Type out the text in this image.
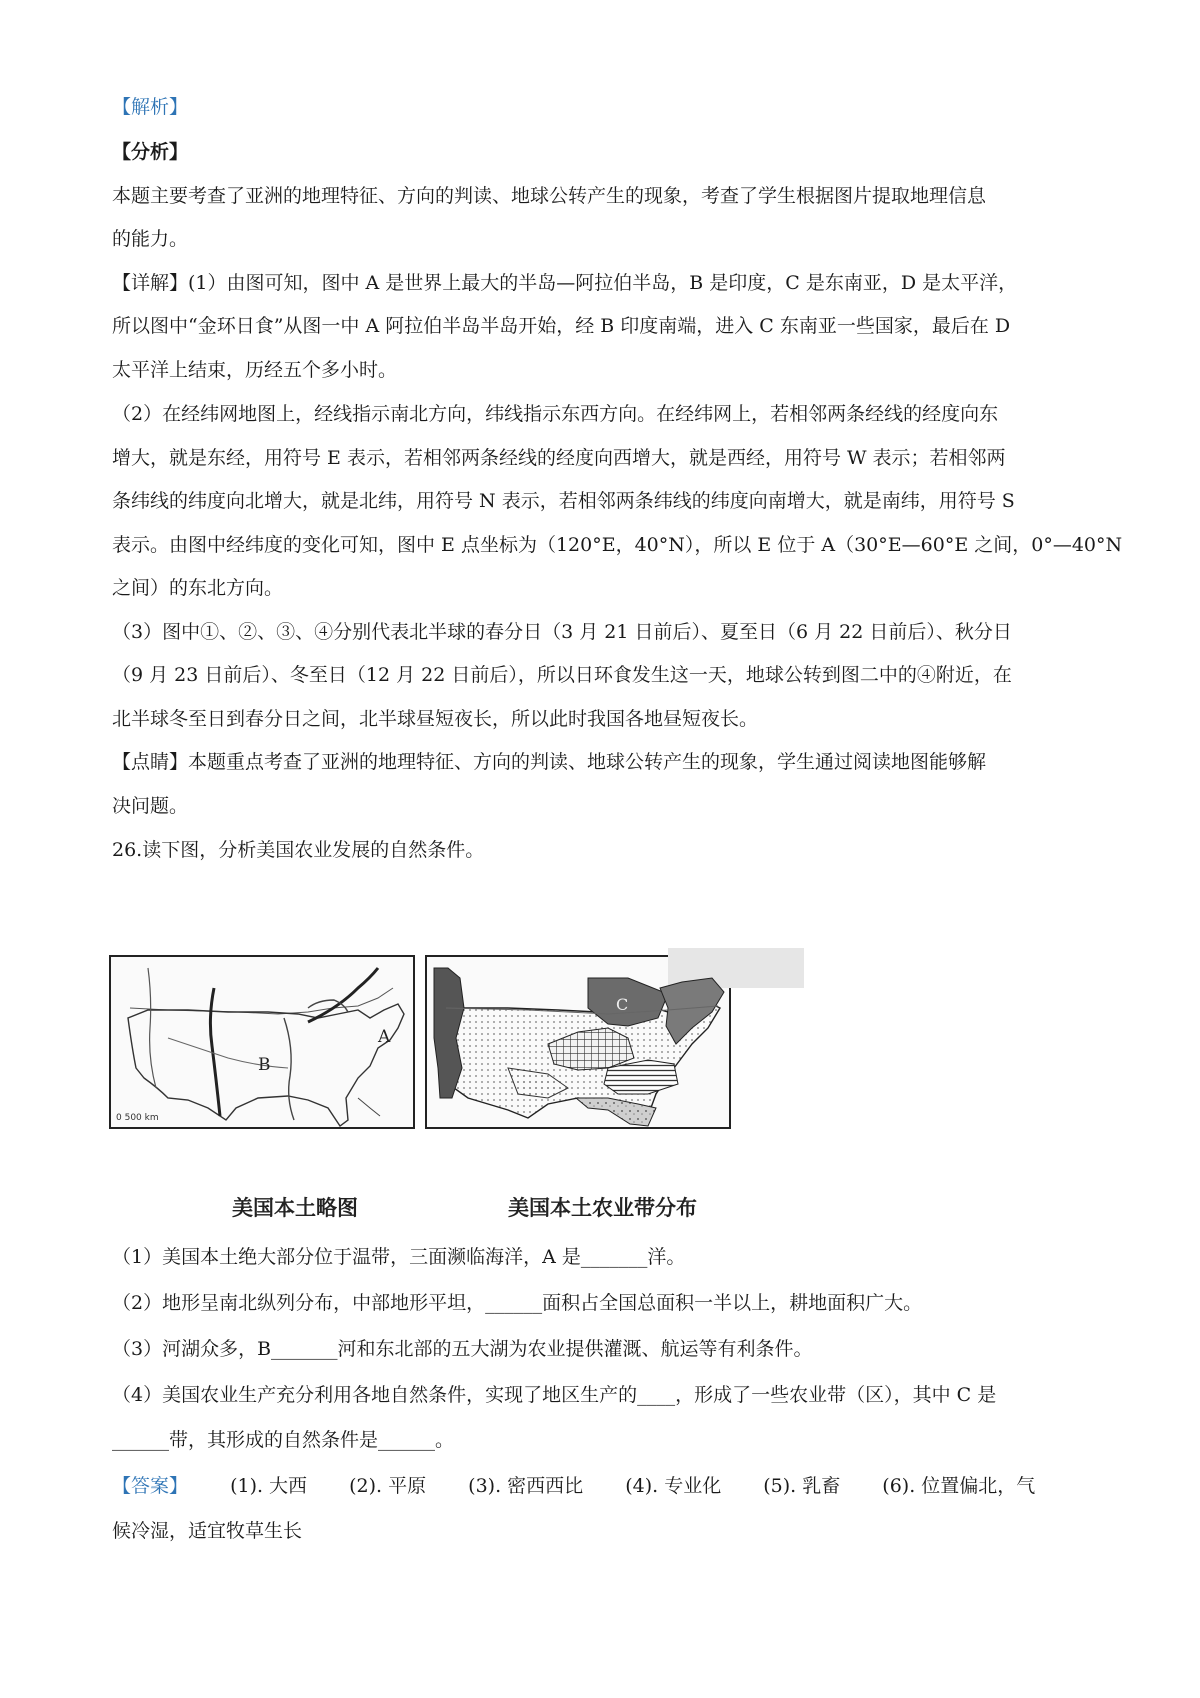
【解析】
【分析】
本题主要考查了亚洲的地理特征、方向的判读、地球公转产生的现象，考查了学生根据图片提取地理信息
的能力。
【详解】(1）由图可知，图中 A 是世界上最大的半岛—阿拉伯半岛，B 是印度，C 是东南亚，D 是太平洋，
所以图中“金环日食”从图一中 A 阿拉伯半岛半岛开始，经 B 印度南端，进入 C 东南亚一些国家，最后在 D
太平洋上结束，历经五个多小时。
（2）在经纬网地图上，经线指示南北方向，纬线指示东西方向。在经纬网上，若相邻两条经线的经度向东
增大，就是东经，用符号 E 表示，若相邻两条经线的经度向西增大，就是西经，用符号 W 表示；若相邻两
条纬线的纬度向北增大，就是北纬，用符号 N 表示，若相邻两条纬线的纬度向南增大，就是南纬，用符号 S
表示。由图中经纬度的变化可知，图中 E 点坐标为（120°E，40°N），所以 E 位于 A（30°E—60°E 之间，0°—40°N
之间）的东北方向。
（3）图中①、②、③、④分别代表北半球的春分日（3 月 21 日前后）、夏至日（6 月 22 日前后）、秋分日
（9 月 23 日前后）、冬至日（12 月 22 日前后），所以日环食发生这一天，地球公转到图二中的④附近，在
北半球冬至日到春分日之间，北半球昼短夜长，所以此时我国各地昼短夜长。
【点睛】本题重点考查了亚洲的地理特征、方向的判读、地球公转产生的现象，学生通过阅读地图能够解
决问题。
26.读下图，分析美国农业发展的自然条件。
B
A
0 500 km
C
美国本土略图	美国本土农业带分布
（1）美国本土绝大部分位于温带，三面濒临海洋，A 是_______洋。
（2）地形呈南北纵列分布，中部地形平坦，______面积占全国总面积一半以上，耕地面积广大。
（3）河湖众多，B_______河和东北部的五大湖为农业提供灌溉、航运等有利条件。
（4）美国农业生产充分利用各地自然条件，实现了地区生产的____，形成了一些农业带（区），其中 C 是
______带，其形成的自然条件是______。
【答案】 (1). 大西 (2). 平原 (3). 密西西比 (4). 专业化 (5). 乳畜 (6). 位置偏北，气
候冷湿，适宜牧草生长
